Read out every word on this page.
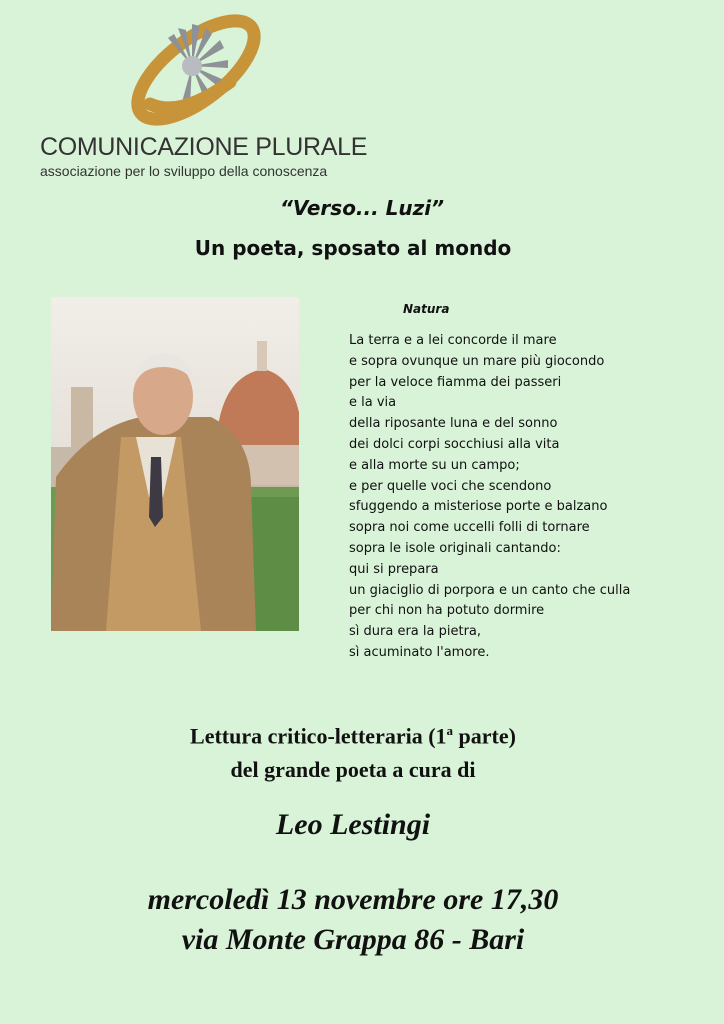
COMUNICAZIONE PLURALE
associazione per lo sviluppo della conoscenza
“Verso... Luzi”
Un poeta, sposato al mondo
Natura
La terra e a lei concorde il mare
e sopra ovunque un mare più giocondo
per la veloce fiamma dei passeri
e la via
della riposante luna e del sonno
dei dolci corpi socchiusi alla vita
e alla morte su un campo;
e per quelle voci che scendono
sfuggendo a misteriose porte e balzano
sopra noi come uccelli folli di tornare
sopra le isole originali cantando:
qui si prepara
un giaciglio di porpora e un canto che culla
per chi non ha potuto dormire
sì dura era la pietra,
sì acuminato l'amore.
Lettura critico-letteraria (1$^a$ parte)
del grande poeta a cura di
Leo Lestingi
mercoledì 13 novembre ore 17,30
via Monte Grappa 86 - Bari
